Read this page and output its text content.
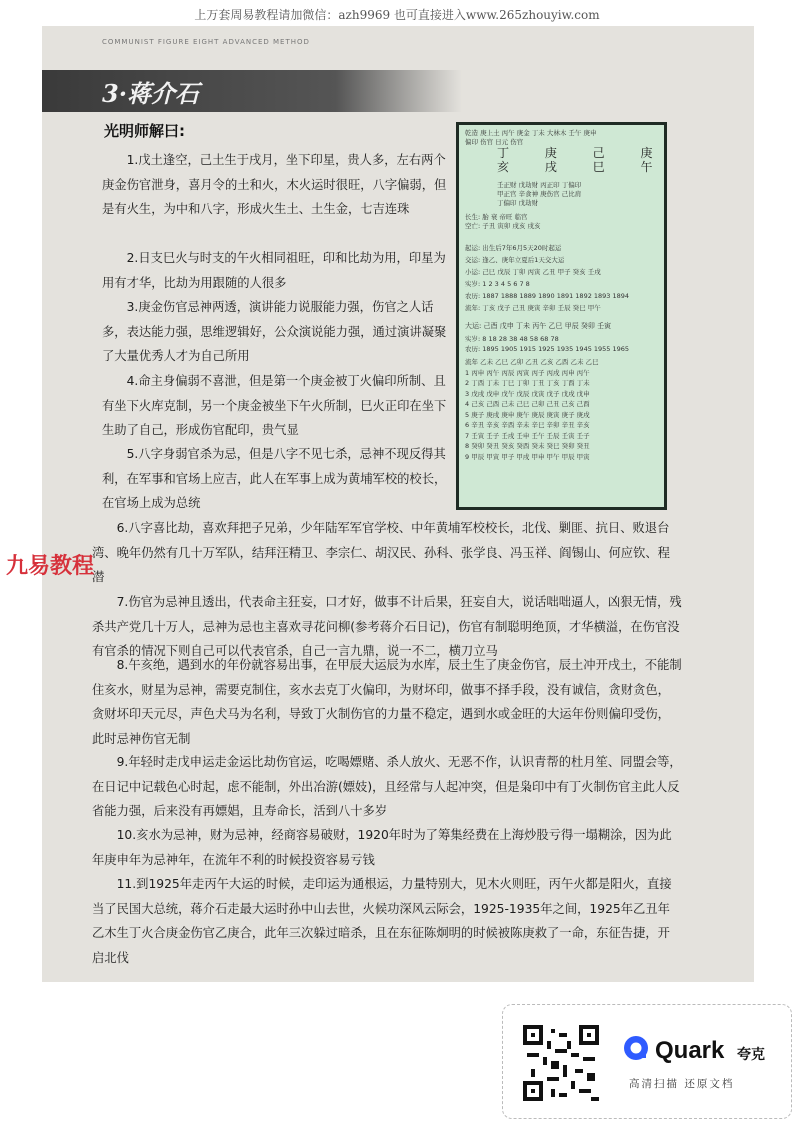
上万套周易教程请加微信：azh9969 也可直接进入www.265zhouyiw.com
COMMUNIST FIGURE EIGHT ADVANCED METHOD
3·蒋介石
光明师解曰:

1.戊土逢空，己土生于戌月，坐下印星，贵人多，左右两个庚金伤官泄身，喜月令的土和火，木火运时很旺，八字偏弱，但是有火生，为中和八字，形成火生土、土生金，七吉连珠

2.日支巳火与时支的午火相同祖旺，印和比劫为用，印星为用有才华，比劫为用跟随的人很多

3.庚金伤官忌神两透，演讲能力说服能力强，伤官之人话多，表达能力强，思维逻辑好，公众演说能力强，通过演讲凝聚了大量优秀人才为自己所用

4.命主身偏弱不喜泄，但是第一个庚金被丁火偏印所制、且有坐下火库克制，另一个庚金被坐下午火所制，巳火正印在坐下生助了自己，形成伤官配印，贵气显

5.八字身弱官杀为忌，但是八字不见七杀，忌神不现反得其利，在军事和官场上应吉，此人在军事上成为黄埔军校的校长，在官场上成为总统

6.八字喜比劫，喜欢拜把子兄弟，少年陆军军官学校、中年黄埔军校校长，北伐、剿匪、抗日、败退台湾、晚年仍然有几十万军队，结拜汪精卫、李宗仁、胡汉民、孙科、张学良、冯玉祥、阎锡山、何应钦、程潜

7.伤官为忌神且透出，代表命主狂妄，口才好，做事不计后果，狂妄自大，说话咄咄逼人，凶狠无情，残杀共产党几十万人，忌神为忌也主喜欢寻花问柳(参考蒋介石日记)，伤官有制聪明绝顶，才华横溢，在伤官没有官杀的情况下则自己可以代表官杀，自己一言九鼎，说一不二，横刀立马

8.午亥绝，遇到水的年份就容易出事，在甲辰大运辰为水库，辰土生了庚金伤官，辰土冲开戌土，不能制住亥水，财星为忌神，需要克制住，亥水去克丁火偏印，为财坏印，做事不择手段，没有诚信，贪财贪色，贪财坏印天元尽，声色犬马为名利，导致丁火制伤官的力量不稳定，遇到水或金旺的大运年份则偏印受伤，此时忌神伤官无制

9.年轻时走戊申运走金运比劫伤官运，吃喝嫖赌、杀人放火、无恶不作，认识青帮的杜月笙、同盟会等，在日记中记载色心时起，虑不能制，外出冶游(嫖妓)，且经常与人起冲突，但是枭印中有丁火制伤官主此人反省能力强，后来没有再嫖娼，且寿命长，活到八十多岁

10.亥水为忌神，财为忌神，经商容易破财，1920年时为了筹集经费在上海炒股亏得一塌糊涂，因为此年庚申年为忌神年，在流年不利的时候投资容易亏钱

11.到1925年走丙午大运的时候，走印运为通根运，力量特别大，见木火则旺，丙午火都是阳火，直接当了民国大总统，蒋介石走最大运时孙中山去世，火候功深风云际会，1925-1935年之间，1925年乙丑年乙木生丁火合庚金伤官乙庚合，此年三次躲过暗杀，且在东征陈炯明的时候被陈庚救了一命，东征告捷，开启北伐

乾造 庚上土 丙午 庚金 丁未 大林木 壬午 庚申
偏印 伤官 日元 伤官
丁 庚 己 庚
亥 戌 巳 午
壬正财 戊劫财 丙正印 丁偏印
甲正官 辛食神 庚伤官 己比肩
丁偏印 戊劫财
长生: 胎 衰 帝旺 临官
空亡: 子丑 寅卯 戌亥 戌亥
起运: 出生后7年6月5天20时起运
交运: 逢乙、庚年立夏后1天交大运
小运: 己巳 戊辰 丁卯 丙寅 乙丑 甲子 癸亥 壬戌
实岁: 1 2 3 4 5 6 7 8
农历: 1887 1888 1889 1890 1891 1892 1893 1894
流年: 丁亥 戊子 己丑 庚寅 辛卯 壬辰 癸巳 甲午
大运: 己酉 戊申 丁未 丙午 乙巳 甲辰 癸卯 壬寅
实岁: 8 18 28 38 48 58 68 78
农历: 1895 1905 1915 1925 1935 1945 1955 1965
流年 乙未 乙巳 乙卯 乙丑 乙亥 乙酉 乙未 乙巳
1 丙申 丙午 丙辰 丙寅 丙子 丙戌 丙申 丙午
2 丁酉 丁未 丁巳 丁卯 丁丑 丁亥 丁酉 丁未
3 戊戌 戊申 戊午 戊辰 戊寅 戊子 戊戌 戊申
4 己亥 己酉 己未 己巳 己卯 己丑 己亥 己酉
5 庚子 庚戌 庚申 庚午 庚辰 庚寅 庚子 庚戌
6 辛丑 辛亥 辛酉 辛未 辛巳 辛卯 辛丑 辛亥
7 壬寅 壬子 壬戌 壬申 壬午 壬辰 壬寅 壬子
8 癸卯 癸丑 癸亥 癸酉 癸未 癸巳 癸卯 癸丑
9 甲辰 甲寅 甲子 甲戌 甲申 甲午 甲辰 甲寅
九易教程
Quark 夸克
高清扫描 还原文档
